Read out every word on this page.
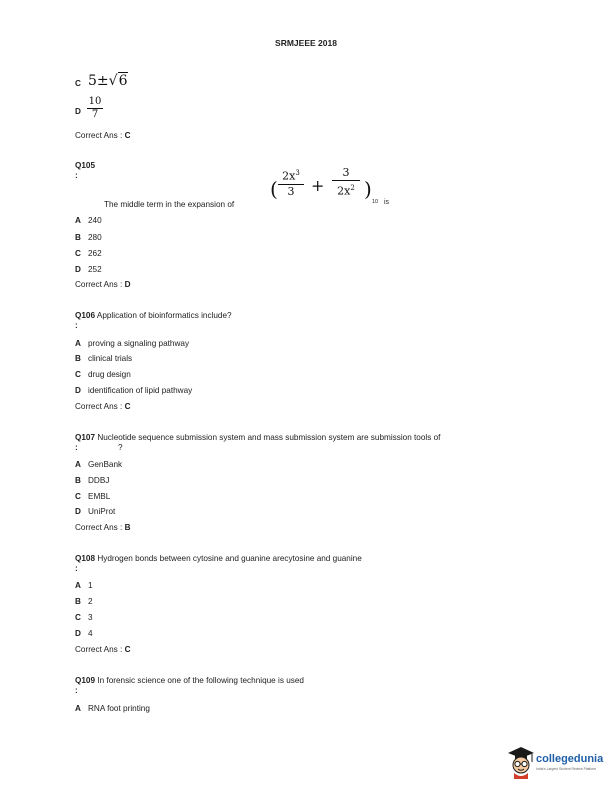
SRMJEEE 2018
C 5±√6
D
10
7
Correct Ans : C
Q105
:
The middle term in the expansion of
(
$2x^3$
3	+
3
$2x^2$ )
10 is
A 240
B 280
C 262
D 252
Correct Ans : D
Q106 Application of bioinformatics include?
:
A proving a signaling pathway
B clinical trials
C drug design
D identification of lipid pathway
Correct Ans : C
Q107 Nucleotide sequence submission system and mass submission system are submission tools of
:	?
A GenBank
B DDBJ
C EMBL
D UniProt
Correct Ans : B
Q108 Hydrogen bonds between cytosine and guanine arecytosine and guanine
:
A 1
B 2
C 3
D 4
Correct Ans : C
Q109 In forensic science one of the following technique is used
:
A RNA foot printing
collegedunia
India's Largest Student Review Platform
